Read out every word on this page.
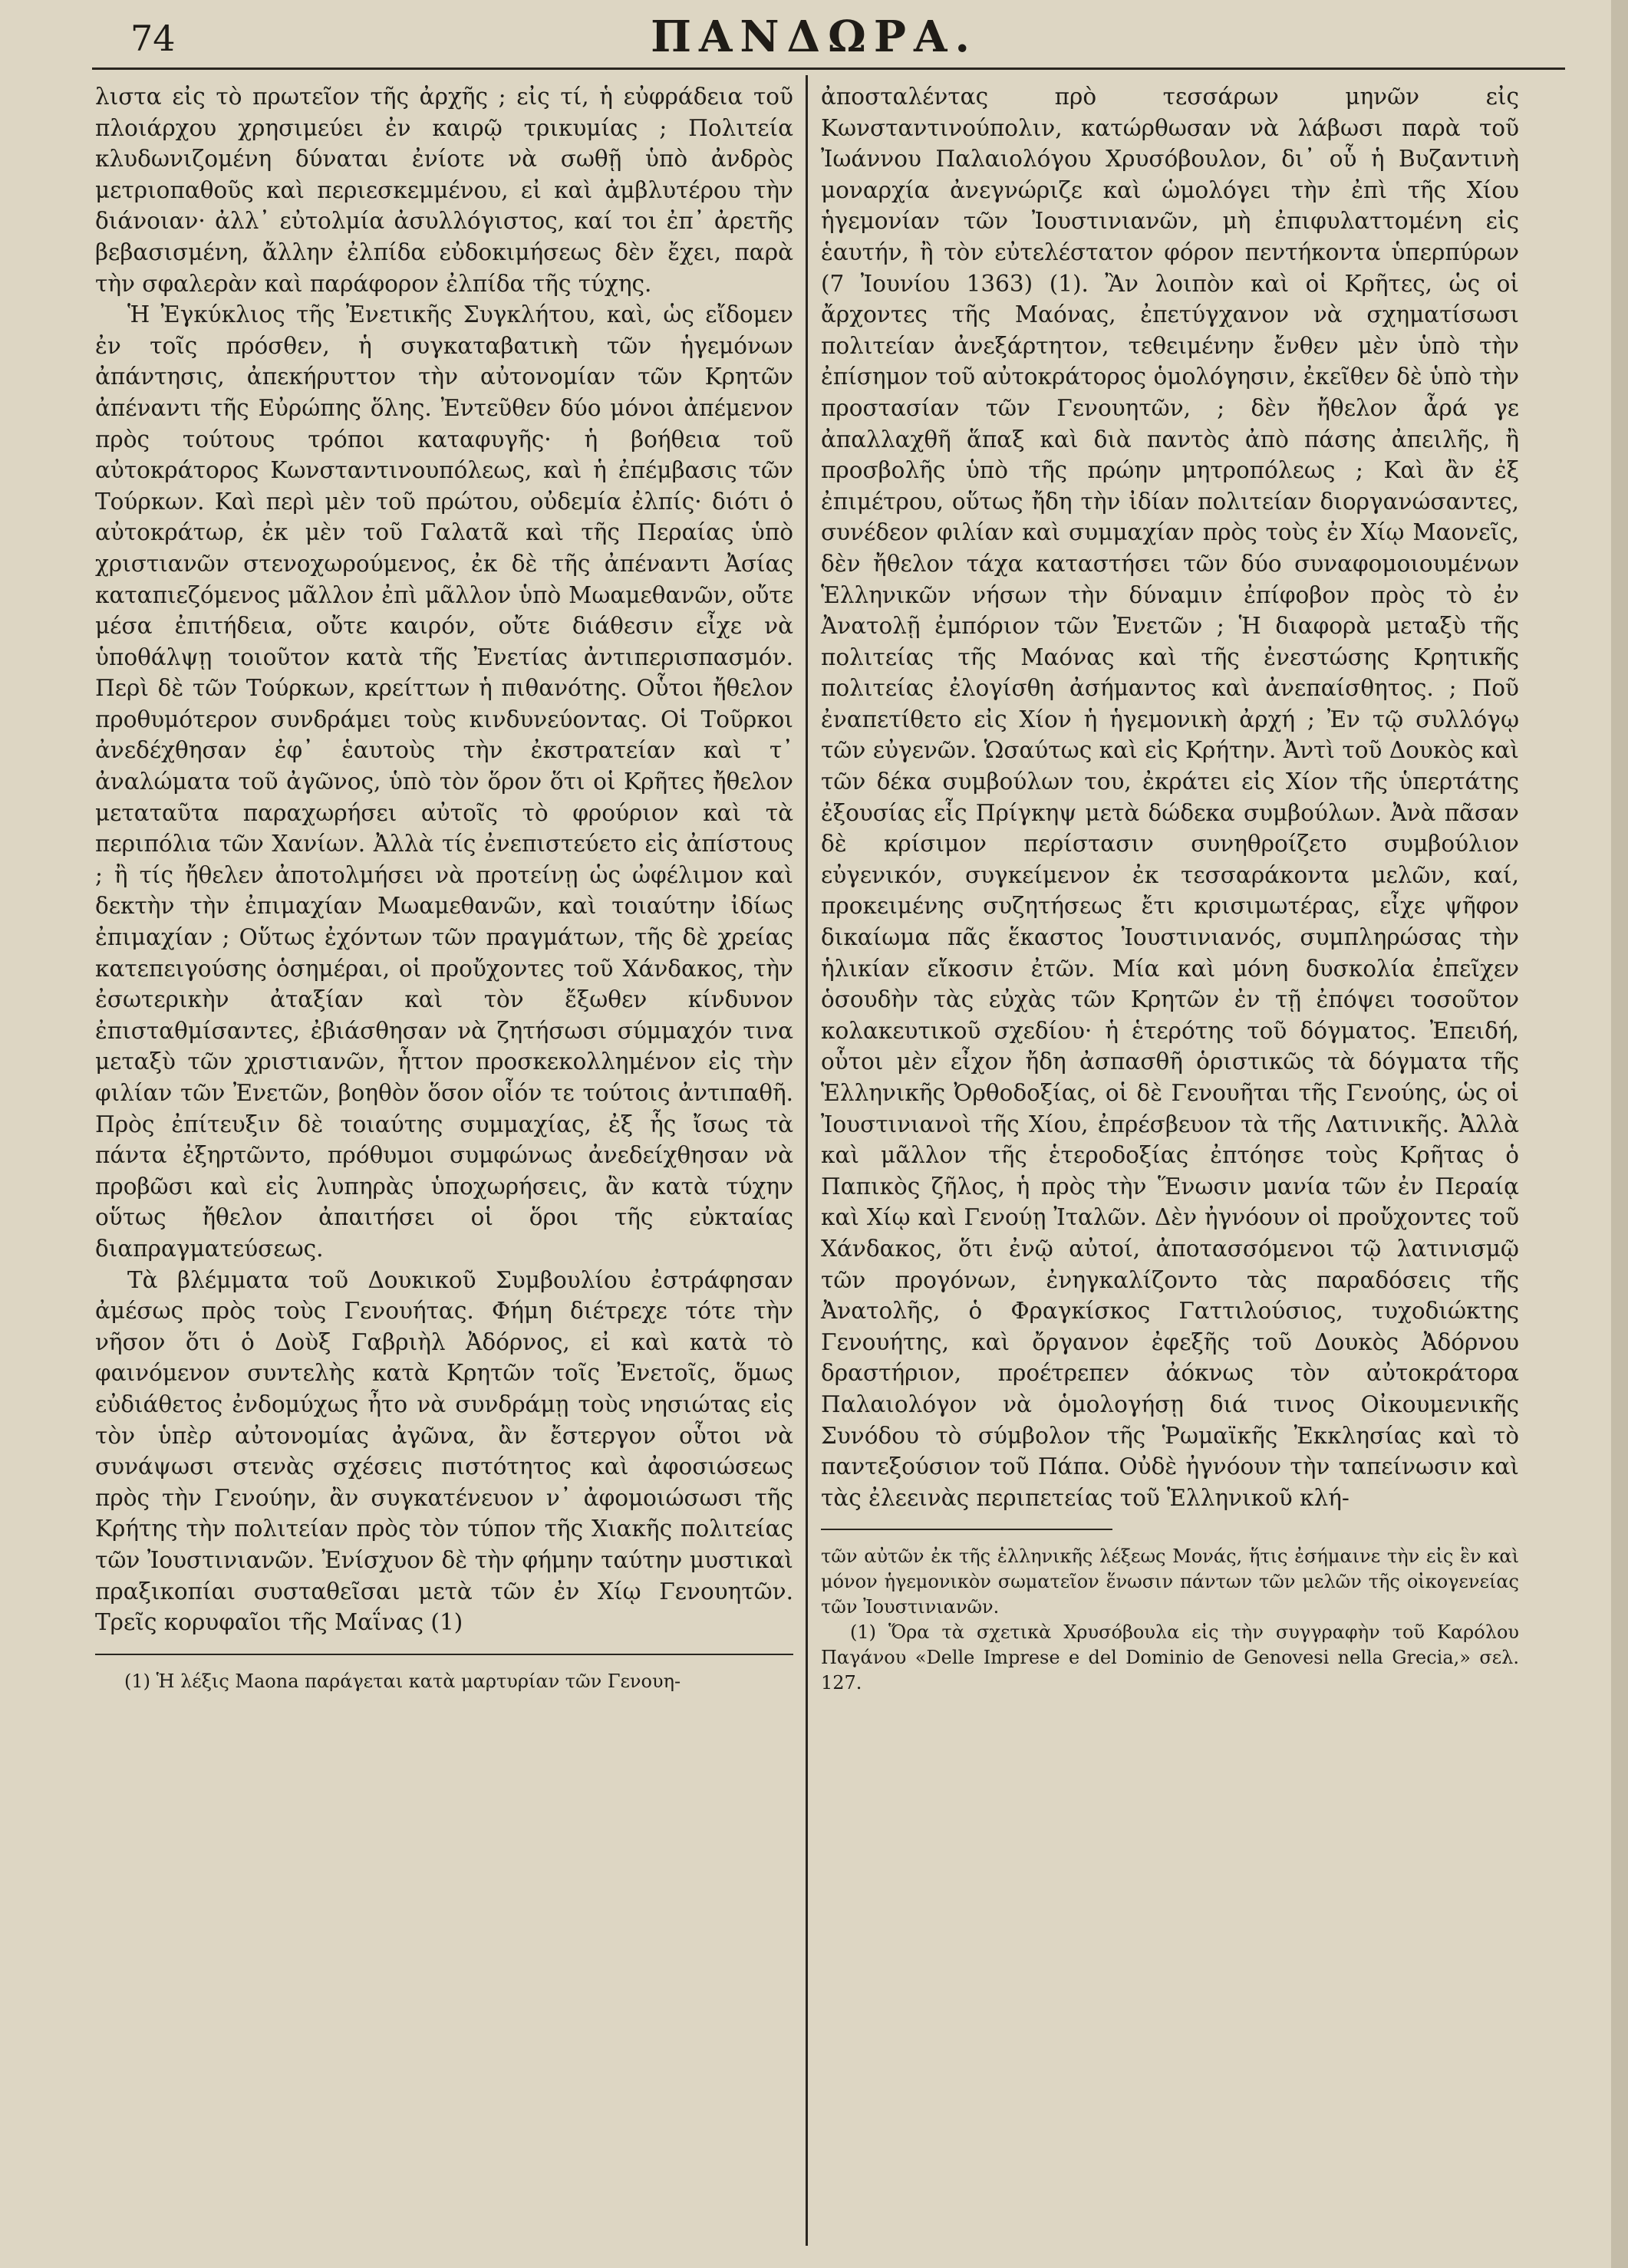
74	ΠΑΝΔΩΡΑ.

λιστα εἰς τὸ πρωτεῖον τῆς ἀρχῆς ; εἰς τί, ἡ εὐφράδεια τοῦ πλοιάρχου χρησιμεύει ἐν καιρῷ τρικυμίας ; Πολιτεία κλυδωνιζομένη δύναται ἐνίοτε νὰ σωθῇ ὑπὸ ἀνδρὸς μετριοπαθοῦς καὶ περιεσκεμμένου, εἰ καὶ ἀμβλυτέρου τὴν διάνοιαν· ἀλλ᾽ εὐτολμία ἀσυλλόγιστος, καί τοι ἐπ᾽ ἀρετῆς βεβασισμένη, ἄλλην ἐλπίδα εὐδοκιμήσεως δὲν ἔχει, παρὰ τὴν σφαλερὰν καὶ παράφορον ἐλπίδα τῆς τύχης.

Ἡ Ἐγκύκλιος τῆς Ἐνετικῆς Συγκλήτου, καὶ, ὡς εἴδομεν ἐν τοῖς πρόσθεν, ἡ συγκαταβατικὴ τῶν ἡγεμόνων ἀπάντησις, ἀπεκήρυττον τὴν αὐτονομίαν τῶν Κρητῶν ἀπέναντι τῆς Εὐρώπης ὅλης. Ἐντεῦθεν δύο μόνοι ἀπέμενον πρὸς τούτους τρόποι καταφυγῆς· ἡ βοήθεια τοῦ αὐτοκράτορος Κωνσταντινουπόλεως, καὶ ἡ ἐπέμβασις τῶν Τούρκων. Καὶ περὶ μὲν τοῦ πρώτου, οὐδεμία ἐλπίς· διότι ὁ αὐτοκράτωρ, ἐκ μὲν τοῦ Γαλατᾶ καὶ τῆς Περαίας ὑπὸ χριστιανῶν στενοχωρούμενος, ἐκ δὲ τῆς ἀπέναντι Ἀσίας καταπιεζόμενος μᾶλλον ἐπὶ μᾶλλον ὑπὸ Μωαμεθανῶν, οὔτε μέσα ἐπιτήδεια, οὔτε καιρόν, οὔτε διάθεσιν εἶχε νὰ ὑποθάλψῃ τοιοῦτον κατὰ τῆς Ἐνετίας ἀντιπερισπασμόν. Περὶ δὲ τῶν Τούρκων, κρείττων ἡ πιθανότης. Οὗτοι ἤθελον προθυμότερον συνδράμει τοὺς κινδυνεύοντας. Οἱ Τοῦρκοι ἀνεδέχθησαν ἐφ᾽ ἑαυτοὺς τὴν ἐκστρατείαν καὶ τ᾽ ἀναλώματα τοῦ ἀγῶνος, ὑπὸ τὸν ὅρον ὅτι οἱ Κρῆτες ἤθελον μεταταῦτα παραχωρήσει αὐτοῖς τὸ φρούριον καὶ τὰ περιπόλια τῶν Χανίων. Ἀλλὰ τίς ἐνεπιστεύετο εἰς ἀπίστους ; ἢ τίς ἤθελεν ἀποτολμήσει νὰ προτείνῃ ὡς ὠφέλιμον καὶ δεκτὴν τὴν ἐπιμαχίαν Μωαμεθανῶν, καὶ τοιαύτην ἰδίως ἐπιμαχίαν ; Οὕτως ἐχόντων τῶν πραγμάτων, τῆς δὲ χρείας κατεπειγούσης ὁσημέραι, οἱ προὔχοντες τοῦ Χάνδακος, τὴν ἐσωτερικὴν ἀταξίαν καὶ τὸν ἔξωθεν κίνδυνον ἐπισταθμίσαντες, ἐβιάσθησαν νὰ ζητήσωσι σύμμαχόν τινα μεταξὺ τῶν χριστιανῶν, ἧττον προσκεκολλημένον εἰς τὴν φιλίαν τῶν Ἐνετῶν, βοηθὸν ὅσον οἷόν τε τούτοις ἀντιπαθῆ. Πρὸς ἐπίτευξιν δὲ τοιαύτης συμμαχίας, ἐξ ἧς ἴσως τὰ πάντα ἐξηρτῶντο, πρόθυμοι συμφώνως ἀνεδείχθησαν νὰ προβῶσι καὶ εἰς λυπηρὰς ὑποχωρήσεις, ἂν κατὰ τύχην οὕτως ἤθελον ἀπαιτήσει οἱ ὅροι τῆς εὐκταίας διαπραγματεύσεως.

Τὰ βλέμματα τοῦ Δουκικοῦ Συμβουλίου ἐστράφησαν ἀμέσως πρὸς τοὺς Γενουήτας. Φήμη διέτρεχε τότε τὴν νῆσον ὅτι ὁ Δοὺξ Γαβριὴλ Ἀδόρνος, εἰ καὶ κατὰ τὸ φαινόμενον συντελὴς κατὰ Κρητῶν τοῖς Ἐνετοῖς, ὅμως εὐδιάθετος ἐνδομύχως ἦτο νὰ συνδράμῃ τοὺς νησιώτας εἰς τὸν ὑπὲρ αὐτονομίας ἀγῶνα, ἂν ἔστεργον οὗτοι νὰ συνάψωσι στενὰς σχέσεις πιστότητος καὶ ἀφοσιώσεως πρὸς τὴν Γενούην, ἂν συγκατένευον ν᾽ ἀφομοιώσωσι τῆς Κρήτης τὴν πολιτείαν πρὸς τὸν τύπον τῆς Χιακῆς πολιτείας τῶν Ἰουστινιανῶν. Ἐνίσχυον δὲ τὴν φήμην ταύτην μυστικαὶ πραξικοπίαι συσταθεῖσαι μετὰ τῶν ἐν Χίῳ Γενουητῶν. Τρεῖς κορυφαῖοι τῆς Μαΐνας (1)

(1) Ἡ λέξις Maona παράγεται κατὰ μαρτυρίαν τῶν Γενουη-

ἀποσταλέντας πρὸ τεσσάρων μηνῶν εἰς Κωνσταντινούπολιν, κατώρθωσαν νὰ λάβωσι παρὰ τοῦ Ἰωάννου Παλαιολόγου Χρυσόβουλον, δι᾽ οὗ ἡ Βυζαντινὴ μοναρχία ἀνεγνώριζε καὶ ὡμολόγει τὴν ἐπὶ τῆς Χίου ἡγεμονίαν τῶν Ἰουστινιανῶν, μὴ ἐπιφυλαττομένη εἰς ἑαυτήν, ἢ τὸν εὐτελέστατον φόρον πεντήκοντα ὑπερπύρων (7 Ἰουνίου 1363) (1). Ἂν λοιπὸν καὶ οἱ Κρῆτες, ὡς οἱ ἄρχοντες τῆς Μαόνας, ἐπετύγχανον νὰ σχηματίσωσι πολιτείαν ἀνεξάρτητον, τεθειμένην ἔνθεν μὲν ὑπὸ τὴν ἐπίσημον τοῦ αὐτοκράτορος ὁμολόγησιν, ἐκεῖθεν δὲ ὑπὸ τὴν προστασίαν τῶν Γενουητῶν, ; δὲν ἤθελον ἆρά γε ἀπαλλαχθῆ ἅπαξ καὶ διὰ παντὸς ἀπὸ πάσης ἀπειλῆς, ἢ προσβολῆς ὑπὸ τῆς πρώην μητροπόλεως ; Καὶ ἂν ἐξ ἐπιμέτρου, οὕτως ἤδη τὴν ἰδίαν πολιτείαν διοργανώσαντες, συνέδεον φιλίαν καὶ συμμαχίαν πρὸς τοὺς ἐν Χίῳ Μαονεῖς, δὲν ἤθελον τάχα καταστήσει τῶν δύο συναφομοιουμένων Ἑλληνικῶν νήσων τὴν δύναμιν ἐπίφοβον πρὸς τὸ ἐν Ἀνατολῇ ἐμπόριον τῶν Ἐνετῶν ; Ἡ διαφορὰ μεταξὺ τῆς πολιτείας τῆς Μαόνας καὶ τῆς ἐνεστώσης Κρητικῆς πολιτείας ἐλογίσθη ἀσήμαντος καὶ ἀνεπαίσθητος. ; Ποῦ ἐναπετίθετο εἰς Χίον ἡ ἡγεμονικὴ ἀρχή ; Ἐν τῷ συλλόγῳ τῶν εὐγενῶν. Ὡσαύτως καὶ εἰς Κρήτην. Ἀντὶ τοῦ Δουκὸς καὶ τῶν δέκα συμβούλων του, ἐκράτει εἰς Χίον τῆς ὑπερτάτης ἐξουσίας εἷς Πρίγκηψ μετὰ δώδεκα συμβούλων. Ἀνὰ πᾶσαν δὲ κρίσιμον περίστασιν συνηθροίζετο συμβούλιον εὐγενικόν, συγκείμενον ἐκ τεσσαράκοντα μελῶν, καί, προκειμένης συζητήσεως ἔτι κρισιμωτέρας, εἶχε ψῆφον δικαίωμα πᾶς ἕκαστος Ἰουστινιανός, συμπληρώσας τὴν ἡλικίαν εἴκοσιν ἐτῶν. Μία καὶ μόνη δυσκολία ἐπεῖχεν ὁσουδὴν τὰς εὐχὰς τῶν Κρητῶν ἐν τῇ ἐπόψει τοσοῦτον κολακευτικοῦ σχεδίου· ἡ ἑτερότης τοῦ δόγματος. Ἐπειδή, οὗτοι μὲν εἶχον ἤδη ἀσπασθῆ ὁριστικῶς τὰ δόγματα τῆς Ἑλληνικῆς Ὀρθοδοξίας, οἱ δὲ Γενουῆται τῆς Γενούης, ὡς οἱ Ἰουστινιανοὶ τῆς Χίου, ἐπρέσβευον τὰ τῆς Λατινικῆς. Ἀλλὰ καὶ μᾶλλον τῆς ἑτεροδοξίας ἐπτόησε τοὺς Κρῆτας ὁ Παπικὸς ζῆλος, ἡ πρὸς τὴν Ἕνωσιν μανία τῶν ἐν Περαίᾳ καὶ Χίῳ καὶ Γενούῃ Ἰταλῶν. Δὲν ἠγνόουν οἱ προὔχοντες τοῦ Χάνδακος, ὅτι ἐνῷ αὐτοί, ἀποτασσόμενοι τῷ λατινισμῷ τῶν προγόνων, ἐνηγκαλίζοντο τὰς παραδόσεις τῆς Ἀνατολῆς, ὁ Φραγκίσκος Γαττιλούσιος, τυχοδιώκτης Γενουήτης, καὶ ὄργανον ἐφεξῆς τοῦ Δουκὸς Ἀδόρνου δραστήριον, προέτρεπεν ἀόκνως τὸν αὐτοκράτορα Παλαιολόγον νὰ ὁμολογήσῃ διά τινος Οἰκουμενικῆς Συνόδου τὸ σύμβολον τῆς Ῥωμαϊκῆς Ἐκκλησίας καὶ τὸ παντεξούσιον τοῦ Πάπα. Οὐδὲ ἠγνόουν τὴν ταπείνωσιν καὶ τὰς ἐλεεινὰς περιπετείας τοῦ Ἑλληνικοῦ κλή-

τῶν αὐτῶν ἐκ τῆς ἑλληνικῆς λέξεως Μονάς, ἥτις ἐσήμαινε τὴν εἰς ἓν καὶ μόνον ἡγεμονικὸν σωματεῖον ἕνωσιν πάντων τῶν μελῶν τῆς οἰκογενείας τῶν Ἰουστινιανῶν.

(1) Ὅρα τὰ σχετικὰ Χρυσόβουλα εἰς τὴν συγγραφὴν τοῦ Καρόλου Παγάνου «Delle Imprese e del Dominio de Genovesi nella Grecia,» σελ. 127.
